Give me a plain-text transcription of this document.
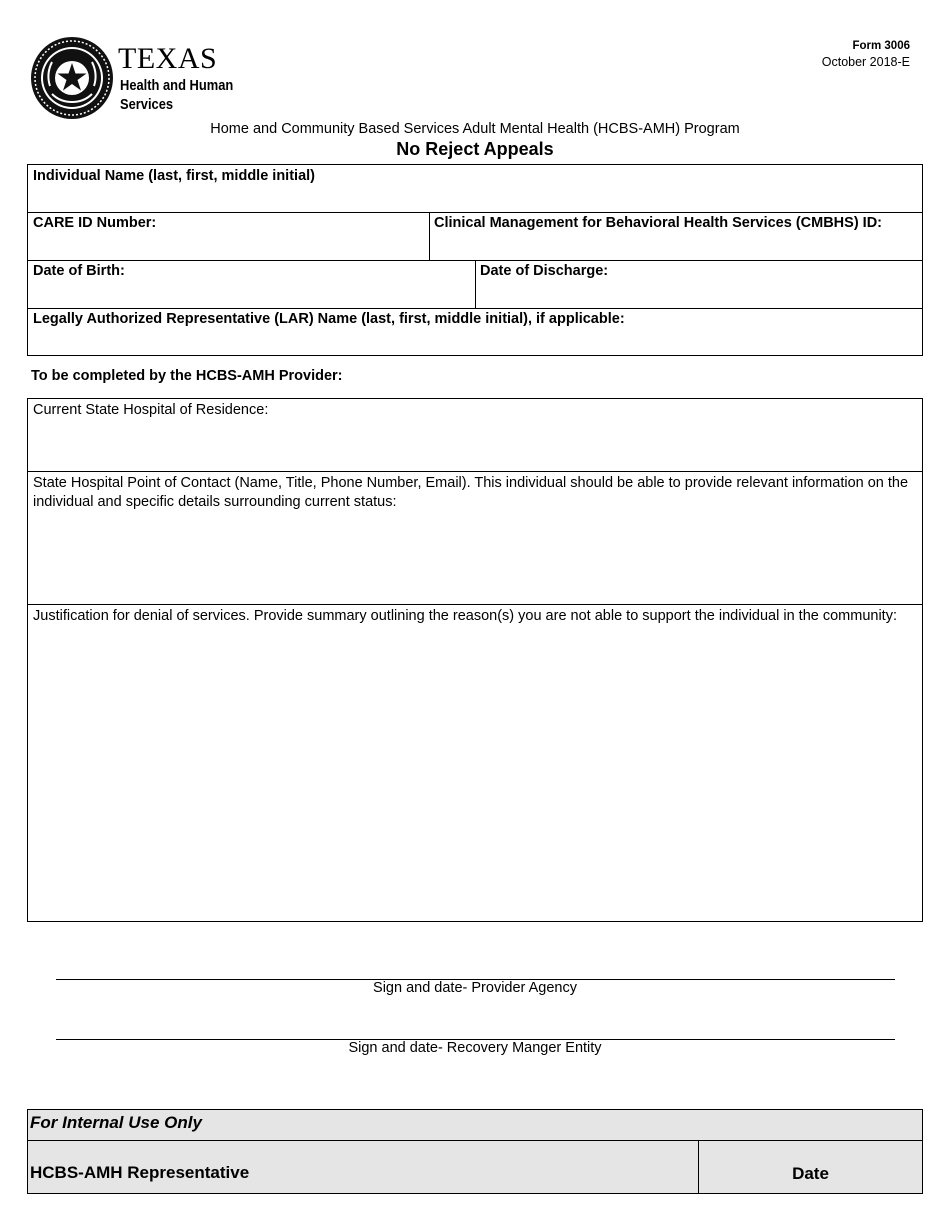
TEXAS
Health and Human
Services
Form 3006
October 2018-E
Home and Community Based Services Adult Mental Health (HCBS-AMH) Program
No Reject Appeals
Individual Name (last, first, middle initial)
CARE ID Number:	Clinical Management for Behavioral Health Services (CMBHS) ID:
Date of Birth:	Date of Discharge:
Legally Authorized Representative (LAR) Name (last, first, middle initial), if applicable:
To be completed by the HCBS-AMH Provider:
Current State Hospital of Residence:
State Hospital Point of Contact (Name, Title, Phone Number, Email). This individual should be able to provide relevant information on the individual and specific details surrounding current status:
Justification for denial of services. Provide summary outlining the reason(s) you are not able to support the individual in the community:
Sign and date- Provider Agency
Sign and date- Recovery Manger Entity
For Internal Use Only
HCBS-AMH Representative	Date
